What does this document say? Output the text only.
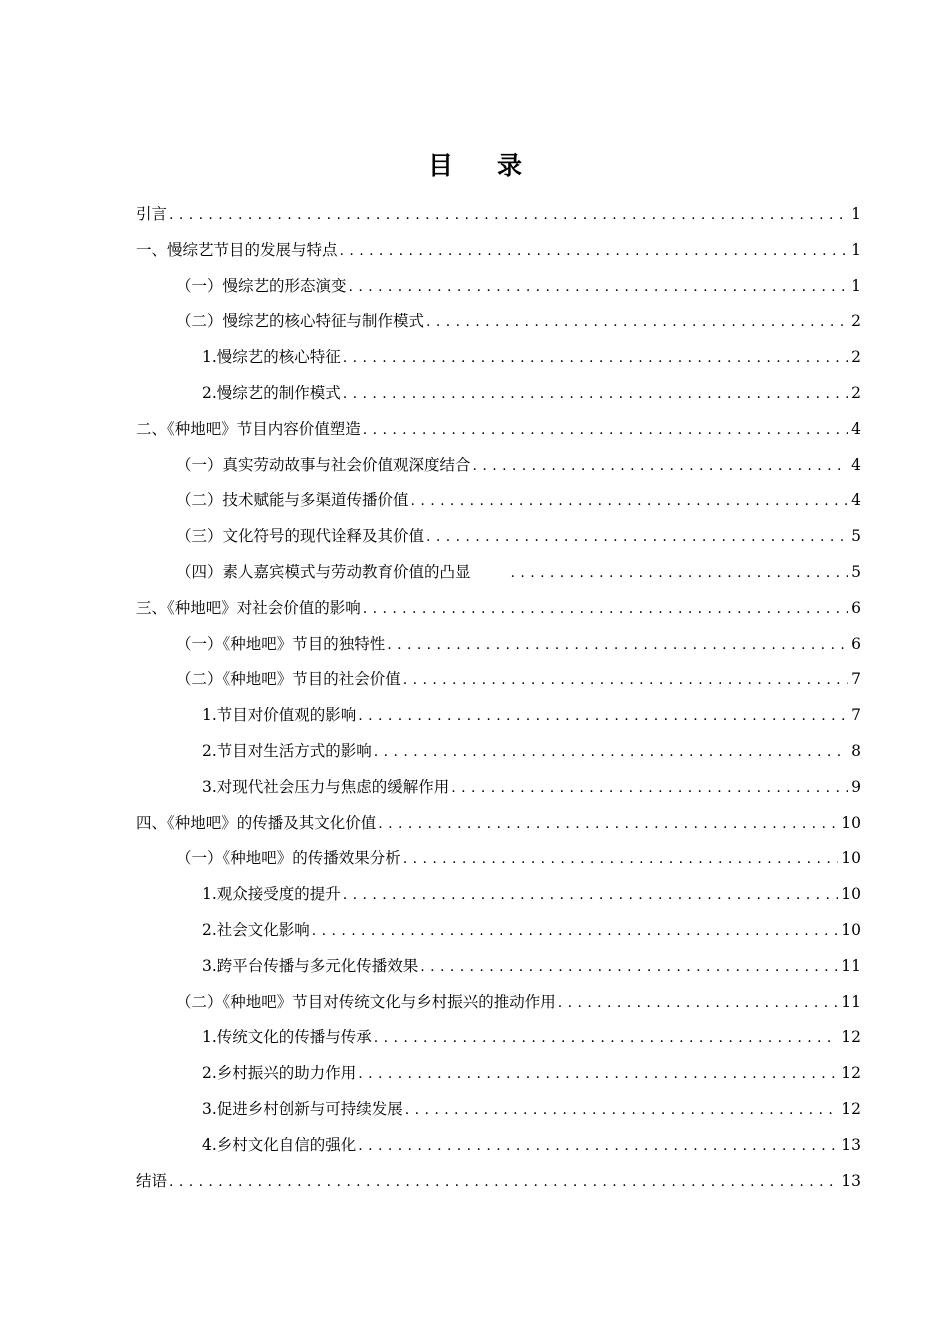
目 录
引言 .....	1
一、慢综艺节目的发展与特点 .....	1
（一）慢综艺的形态演变 .....	1
（二）慢综艺的核心特征与制作模式 .....	2
1.慢综艺的核心特征 .....	2
2.慢综艺的制作模式 .....	2
二、《种地吧》节目内容价值塑造 .....	4
（一）真实劳动故事与社会价值观深度结合 .....	4
（二）技术赋能与多渠道传播价值 .....	4
（三）文化符号的现代诠释及其价值 .....	5
（四）素人嘉宾模式与劳动教育价值的凸显 .....	5
三、《种地吧》对社会价值的影响 .....	6
（一）《种地吧》节目的独特性 .....	6
（二）《种地吧》节目的社会价值 .....	7
1.节目对价值观的影响 .....	7
2.节目对生活方式的影响 .....	8
3.对现代社会压力与焦虑的缓解作用 .....	9
四、《种地吧》的传播及其文化价值 .....	10
（一）《种地吧》的传播效果分析 .....	10
1.观众接受度的提升 .....	10
2.社会文化影响 .....	10
3.跨平台传播与多元化传播效果 .....	11
（二）《种地吧》节目对传统文化与乡村振兴的推动作用 .....	11
1.传统文化的传播与传承 .....	12
2.乡村振兴的助力作用 .....	12
3.促进乡村创新与可持续发展 .....	12
4.乡村文化自信的强化 .....	13
结语 .....	13
